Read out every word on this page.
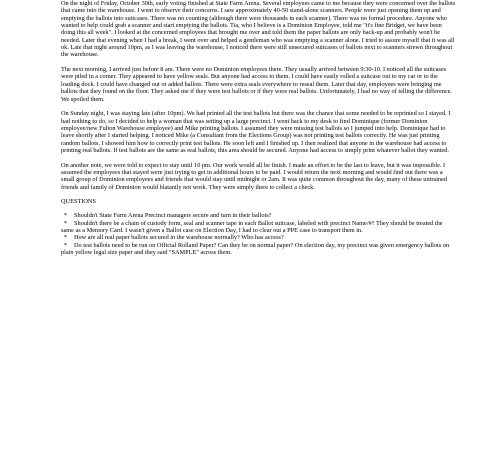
On the night of Friday, October 30th, early voting finished at State Farm Arena. Several employees came to me because they were concerned over the ballots that came into the warehouse. I went to observe their concerns. I saw approximately 40-50 stand-alone scanners. People were just opening them up and emptying the ballots into suitcases. There was no counting (although there were thousands in each scanner). There was no formal procedure. Anyone who wanted to help could grab a scanner and start emptying the ballots. Tia, who I believe is a Dominion Employee, told me "it's fine Bridget, we have been doing this all week". I looked at the concerned employees that brought me over and told them the paper ballots are only back-up and probably won't be needed. Later that evening when I had a break, I went over and helped a gentleman who was emptying a scanner alone. I tried to assure myself that it was all ok. Late that night around 10pm, as I was leaving the warehouse, I noticed there were still unsecured suitcases of ballots next to scanners strewn throughout the warehouse.

The next morning, I arrived just before 8 am. There were no Dominion employees there. They usually arrived between 9:30-10. I noticed all the suitcases were piled in a corner. They appeared to have yellow seals. But anyone had access to them. I could have easily rolled a suitcase out to my car or to the loading dock. I could have changed out or added ballots. There were extra seals everywhere to reseal them. Later that day, employees were bringing me ballots that they found on the floor. They asked me if they were test ballots or if they were real ballots. Unfortunately, I had no way of telling the difference. We spoiled them.

On Sunday night, I was staying late (after 10pm). We had printed all the test ballots but there was the chance that some needed to be reprinted so I stayed. I had nothing to do, so I decided to help a woman that was setting up a large precinct. I went back to my desk to find Dominique (former Dominion employee/new Fulton Warehouse employee) and Mike printing ballots. I assumed they were missing test ballots so I jumped into help. Dominique had to leave shortly after I started helping. I noticed Mike (a Consultant from the Elections Group) was not printing test ballots correctly. He was just printing random ballots. I showed him how to correctly print test ballots. He soon left and I finished up. I then realized that anyone in the warehouse had access to printing real ballots. If test ballots are the same as real ballots, this area should be secured. Anyone had access to simply print whatever ballot they wanted.

On another note, we were told to expect to stay until 10 pm. Our work would all be finish. I made an effort to be the last to leave, but it was impossible. I assumed the employees that stayed were just trying to get in additional hours to be paid. I would return the next morning and would find out there was a small group of Dominion employees and friends that would stay until midnight or 2am. It was quite common throughout the day, many of these untrained friends and family of Dominion would blatantly not work. They were simply there to collect a check.

QUESTIONS
* Shouldn't State Farm Arena Precinct managers secure and turn in their ballots?
* Shouldn't there be a chain of custody form, seal and scanner tape in each Ballot suitcase, labeled with precinct Name/#? They should be treated the same as a Memory Card. I wasn't given a Ballot case on Election Day, I had to clear out a PPE case to transport them in.
* How are all real paper ballots secured in the warehouse normally? Who has access?
* Do test ballots need to be run on Official Rolland Paper? Can they be on normal paper? On election day, my precinct was given emergency ballots on plain yellow legal size paper and they said "SAMPLE" across them.
